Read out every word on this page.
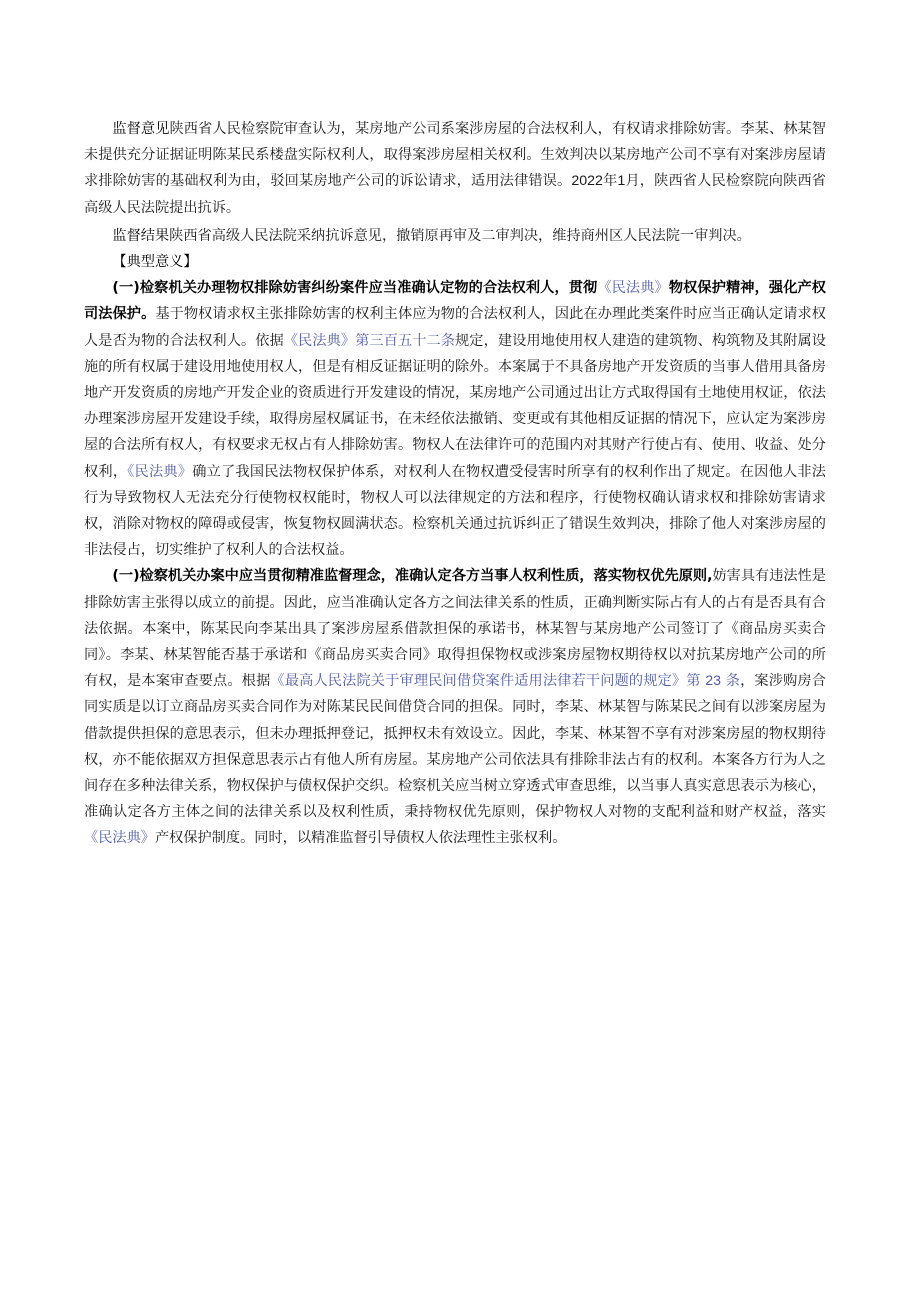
监督意见陕西省人民检察院审查认为，某房地产公司系案涉房屋的合法权利人，有权请求排除妨害。李某、林某智未提供充分证据证明陈某民系楼盘实际权利人，取得案涉房屋相关权利。生效判决以某房地产公司不享有对案涉房屋请求排除妨害的基础权利为由，驳回某房地产公司的诉讼请求，适用法律错误。2022年1月，陕西省人民检察院向陕西省高级人民法院提出抗诉。

监督结果陕西省高级人民法院采纳抗诉意见，撤销原再审及二审判决，维持商州区人民法院一审判决。

【典型意义】

(一)检察机关办理物权排除妨害纠纷案件应当准确认定物的合法权利人，贯彻《民法典》物权保护精神，强化产权司法保护。基于物权请求权主张排除妨害的权利主体应为物的合法权利人，因此在办理此类案件时应当正确认定请求权人是否为物的合法权利人。依据《民法典》第三百五十二条规定，建设用地使用权人建造的建筑物、构筑物及其附属设施的所有权属于建设用地使用权人，但是有相反证据证明的除外。本案属于不具备房地产开发资质的当事人借用具备房地产开发资质的房地产开发企业的资质进行开发建设的情况，某房地产公司通过出让方式取得国有土地使用权证，依法办理案涉房屋开发建设手续，取得房屋权属证书，在未经依法撤销、变更或有其他相反证据的情况下，应认定为案涉房屋的合法所有权人，有权要求无权占有人排除妨害。物权人在法律许可的范围内对其财产行使占有、使用、收益、处分权利，《民法典》确立了我国民法物权保护体系，对权利人在物权遭受侵害时所享有的权利作出了规定。在因他人非法行为导致物权人无法充分行使物权权能时，物权人可以法律规定的方法和程序，行使物权确认请求权和排除妨害请求权，消除对物权的障碍或侵害，恢复物权圆满状态。检察机关通过抗诉纠正了错误生效判决，排除了他人对案涉房屋的非法侵占，切实维护了权利人的合法权益。

(一)检察机关办案中应当贯彻精准监督理念，准确认定各方当事人权利性质，落实物权优先原则,妨害具有违法性是排除妨害主张得以成立的前提。因此，应当准确认定各方之间法律关系的性质，正确判断实际占有人的占有是否具有合法依据。本案中，陈某民向李某出具了案涉房屋系借款担保的承诺书，林某智与某房地产公司签订了《商品房买卖合同》。李某、林某智能否基于承诺和《商品房买卖合同》取得担保物权或涉案房屋物权期待权以对抗某房地产公司的所有权，是本案审查要点。根据《最高人民法院关于审理民间借贷案件适用法律若干问题的规定》第 23 条，案涉购房合同实质是以订立商品房买卖合同作为对陈某民民间借贷合同的担保。同时，李某、林某智与陈某民之间有以涉案房屋为借款提供担保的意思表示，但未办理抵押登记，抵押权未有效设立。因此，李某、林某智不享有对涉案房屋的物权期待权，亦不能依据双方担保意思表示占有他人所有房屋。某房地产公司依法具有排除非法占有的权利。本案各方行为人之间存在多种法律关系，物权保护与债权保护交织。检察机关应当树立穿透式审查思维，以当事人真实意思表示为核心，准确认定各方主体之间的法律关系以及权利性质，秉持物权优先原则，保护物权人对物的支配利益和财产权益，落实《民法典》产权保护制度。同时，以精准监督引导债权人依法理性主张权利。
